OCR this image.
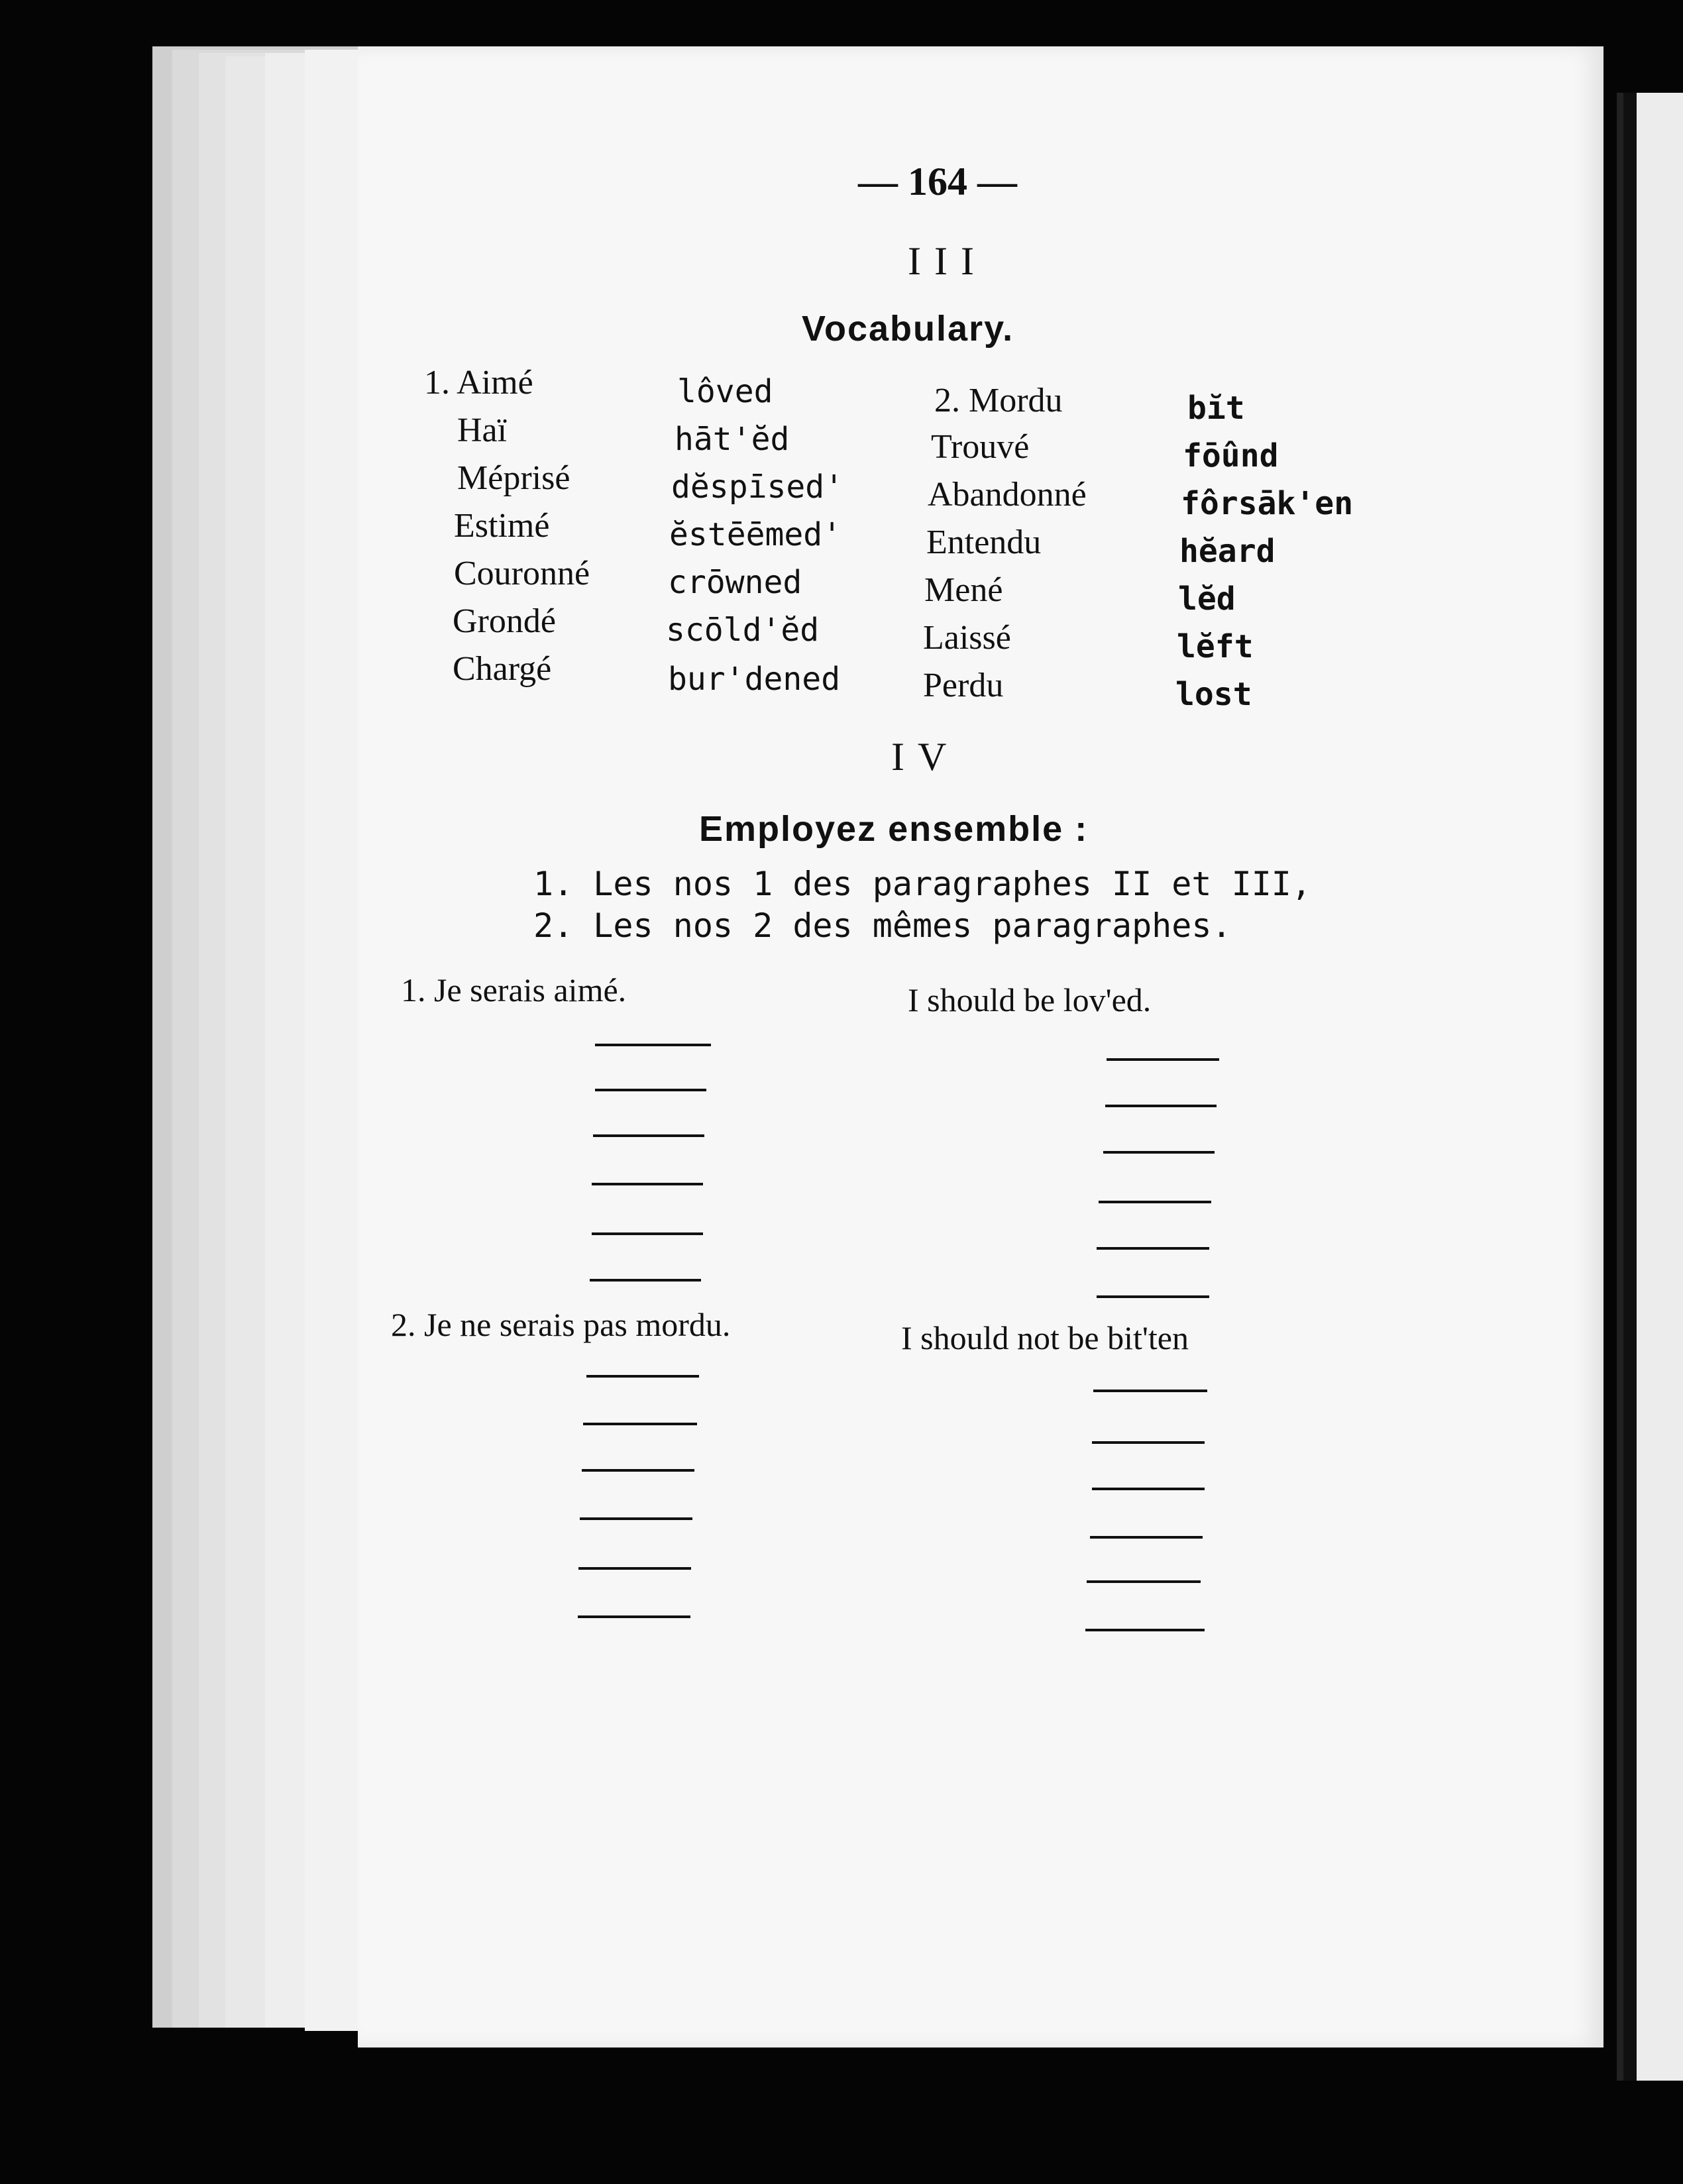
— 164 —
III
Vocabulary.
1. Aimé
Haï
Méprisé
Estimé
Couronné
Grondé
Chargé
lôved
hāt'ĕd
dĕspīsed'
ĕstēēmed'
crōwned
scōld'ĕd
bur'dened
2. Mordu
Trouvé
Abandonné
Entendu
Mené
Laissé
Perdu
bĭt
fōûnd
fôrsāk'en
hĕard
lĕd
lĕft
lost
IV
Employez ensemble :
1. Les nos 1 des paragraphes II et III,
2. Les nos 2 des mêmes paragraphes.
1. Je serais aimé.	I should be lov'ed.
2. Je ne serais pas mordu.	I should not be bit'ten
